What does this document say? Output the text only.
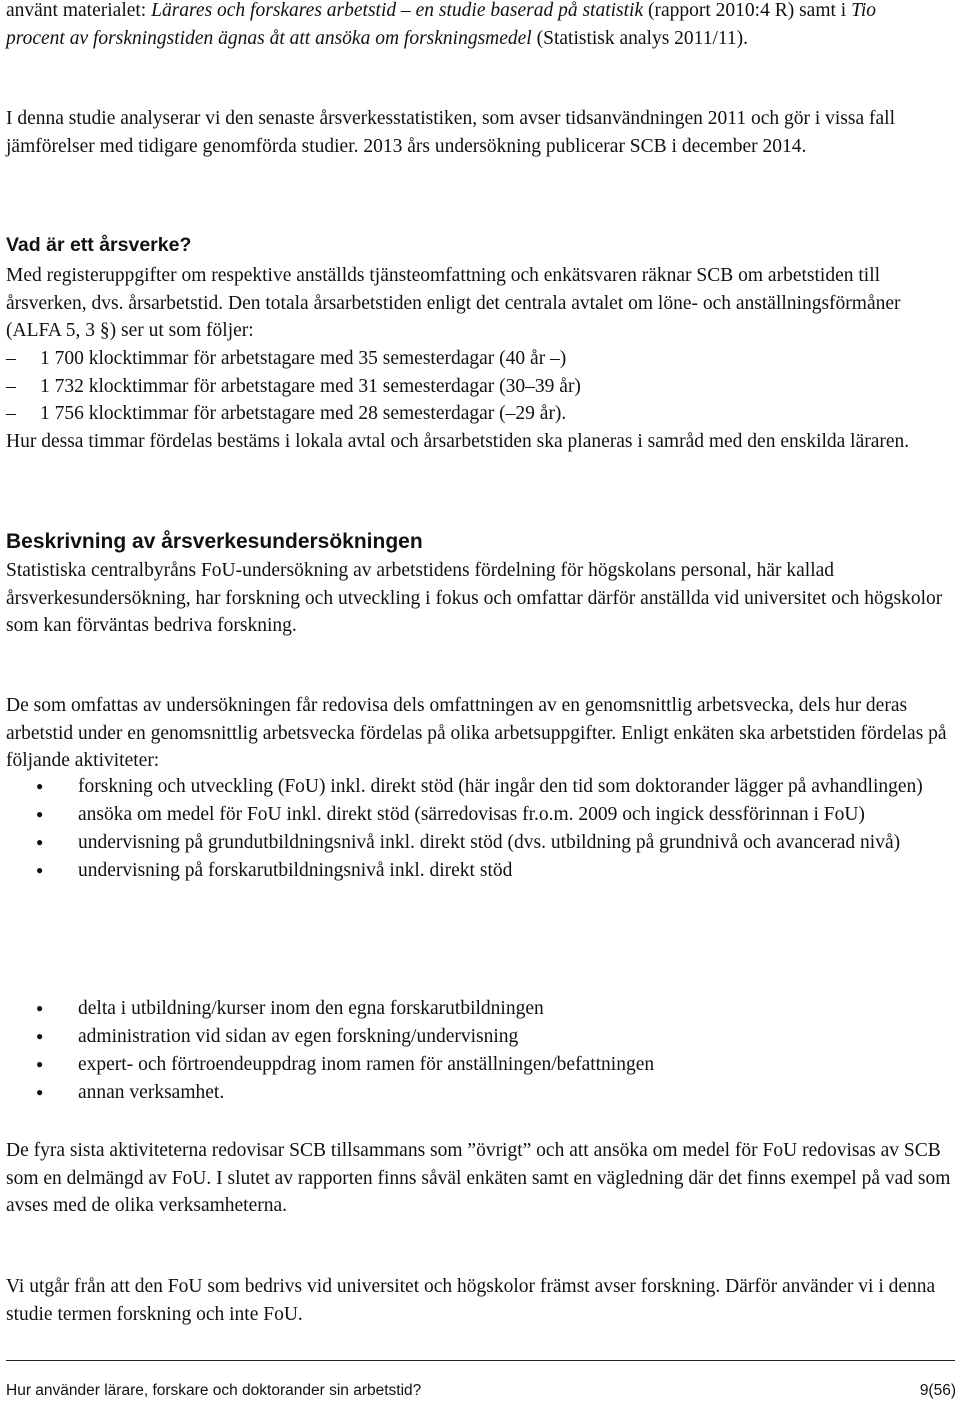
använt materialet: Lärares och forskares arbetstid – en studie baserad på statistik (rapport 2010:4 R) samt i Tio procent av forskningstiden ägnas åt att ansöka om forskningsmedel (Statistisk analys 2011/11).

I denna studie analyserar vi den senaste årsverkesstatistiken, som avser tidsanvändningen 2011 och gör i vissa fall jämförelser med tidigare genomförda studier. 2013 års undersökning publicerar SCB i december 2014.

Vad är ett årsverke?

Med registeruppgifter om respektive anställds tjänsteomfattning och enkätsvaren räknar SCB om arbetstiden till årsverken, dvs. årsarbetstid. Den totala årsarbetstiden enligt det centrala avtalet om löne- och anställningsförmåner (ALFA 5, 3 §) ser ut som följer:

– 1 700 klocktimmar för arbetstagare med 35 semesterdagar (40 år –)
– 1 732 klocktimmar för arbetstagare med 31 semesterdagar (30–39 år)
– 1 756 klocktimmar för arbetstagare med 28 semesterdagar (–29 år).

Hur dessa timmar fördelas bestäms i lokala avtal och årsarbetstiden ska planeras i samråd med den enskilda läraren.

Beskrivning av årsverkesundersökningen

Statistiska centralbyråns FoU-undersökning av arbetstidens fördelning för högskolans personal, här kallad årsverkesundersökning, har forskning och utveckling i fokus och omfattar därför anställda vid universitet och högskolor som kan förväntas bedriva forskning.

De som omfattas av undersökningen får redovisa dels omfattningen av en genomsnittlig arbetsvecka, dels hur deras arbetstid under en genomsnittlig arbetsvecka fördelas på olika arbetsuppgifter. Enligt enkäten ska arbetstiden fördelas på följande aktiviteter:

● forskning och utveckling (FoU) inkl. direkt stöd (här ingår den tid som doktorander lägger på avhandlingen)
● ansöka om medel för FoU inkl. direkt stöd (särredovisas fr.o.m. 2009 och ingick dessförinnan i FoU)
● undervisning på grundutbildningsnivå inkl. direkt stöd (dvs. utbildning på grundnivå och avancerad nivå)
● undervisning på forskarutbildningsnivå inkl. direkt stöd
● delta i utbildning/kurser inom den egna forskarutbildningen
● administration vid sidan av egen forskning/undervisning
● expert- och förtroendeuppdrag inom ramen för anställningen/befattningen
● annan verksamhet.

De fyra sista aktiviteterna redovisar SCB tillsammans som ”övrigt” och att ansöka om medel för FoU redovisas av SCB som en delmängd av FoU. I slutet av rapporten finns såväl enkäten samt en vägledning där det finns exempel på vad som avses med de olika verksamheterna.

Vi utgår från att den FoU som bedrivs vid universitet och högskolor främst avser forskning. Därför använder vi i denna studie termen forskning och inte FoU.

Hur använder lärare, forskare och doktorander sin arbetstid?	9(56)
